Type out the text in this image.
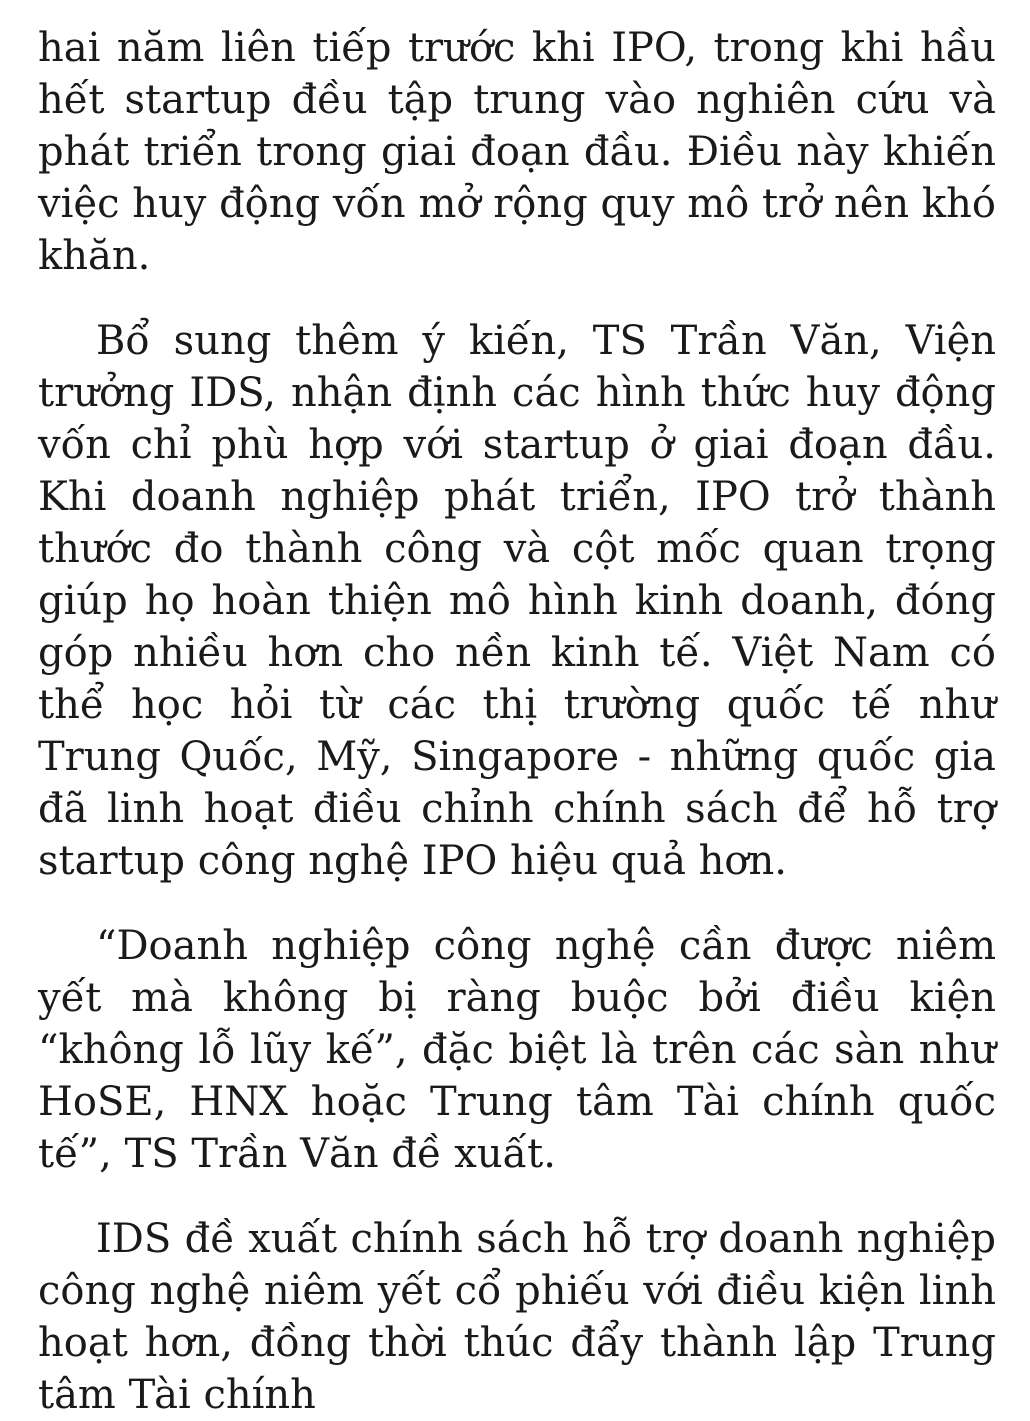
hai năm liên tiếp trước khi IPO, trong khi hầu hết startup đều tập trung vào nghiên cứu và phát triển trong giai đoạn đầu. Điều này khiến việc huy động vốn mở rộng quy mô trở nên khó khăn.

Bổ sung thêm ý kiến, TS Trần Văn, Viện trưởng IDS, nhận định các hình thức huy động vốn chỉ phù hợp với startup ở giai đoạn đầu. Khi doanh nghiệp phát triển, IPO trở thành thước đo thành công và cột mốc quan trọng giúp họ hoàn thiện mô hình kinh doanh, đóng góp nhiều hơn cho nền kinh tế. Việt Nam có thể học hỏi từ các thị trường quốc tế như Trung Quốc, Mỹ, Singapore - những quốc gia đã linh hoạt điều chỉnh chính sách để hỗ trợ startup công nghệ IPO hiệu quả hơn.

“Doanh nghiệp công nghệ cần được niêm yết mà không bị ràng buộc bởi điều kiện “không lỗ lũy kế”, đặc biệt là trên các sàn như HoSE, HNX hoặc Trung tâm Tài chính quốc tế”, TS Trần Văn đề xuất.

IDS đề xuất chính sách hỗ trợ doanh nghiệp công nghệ niêm yết cổ phiếu với điều kiện linh hoạt hơn, đồng thời thúc đẩy thành lập Trung tâm Tài chính
